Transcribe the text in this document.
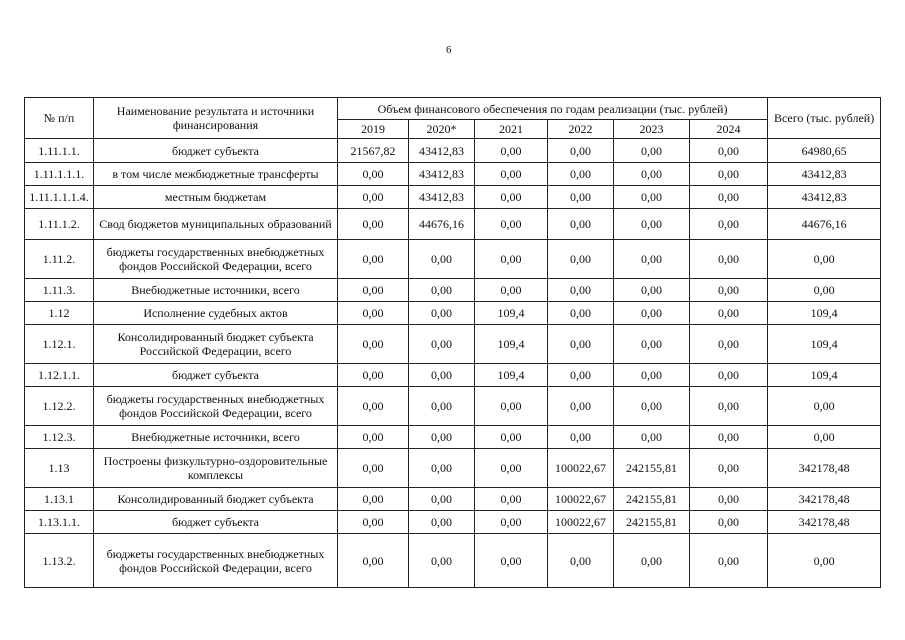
6
№ п/п	Наименование результата и источники финансирования	Объем финансового обеспечения по годам реализации (тыс. рублей)						Всего (тыс. рублей)
		2019	2020*	2021	2022	2023	2024	
1.11.1.1.	бюджет субъекта	21567,82	43412,83	0,00	0,00	0,00	0,00	64980,65
1.11.1.1.1.	в том числе межбюджетные трансферты	0,00	43412,83	0,00	0,00	0,00	0,00	43412,83
1.11.1.1.1.4.	местным бюджетам	0,00	43412,83	0,00	0,00	0,00	0,00	43412,83
1.11.1.2.	Свод бюджетов муниципальных образований	0,00	44676,16	0,00	0,00	0,00	0,00	44676,16
1.11.2.	бюджеты государственных внебюджетных фондов Российской Федерации, всего	0,00	0,00	0,00	0,00	0,00	0,00	0,00
1.11.3.	Внебюджетные источники, всего	0,00	0,00	0,00	0,00	0,00	0,00	0,00
1.12	Исполнение судебных актов	0,00	0,00	109,4	0,00	0,00	0,00	109,4
1.12.1.	Консолидированный бюджет субъекта Российской Федерации, всего	0,00	0,00	109,4	0,00	0,00	0,00	109,4
1.12.1.1.	бюджет субъекта	0,00	0,00	109,4	0,00	0,00	0,00	109,4
1.12.2.	бюджеты государственных внебюджетных фондов Российской Федерации, всего	0,00	0,00	0,00	0,00	0,00	0,00	0,00
1.12.3.	Внебюджетные источники, всего	0,00	0,00	0,00	0,00	0,00	0,00	0,00
1.13	Построены физкультурно-оздоровительные комплексы	0,00	0,00	0,00	100022,67	242155,81	0,00	342178,48
1.13.1	Консолидированный бюджет субъекта	0,00	0,00	0,00	100022,67	242155,81	0,00	342178,48
1.13.1.1.	бюджет субъекта	0,00	0,00	0,00	100022,67	242155,81	0,00	342178,48
1.13.2.	бюджеты государственных внебюджетных фондов Российской Федерации, всего	0,00	0,00	0,00	0,00	0,00	0,00	0,00
